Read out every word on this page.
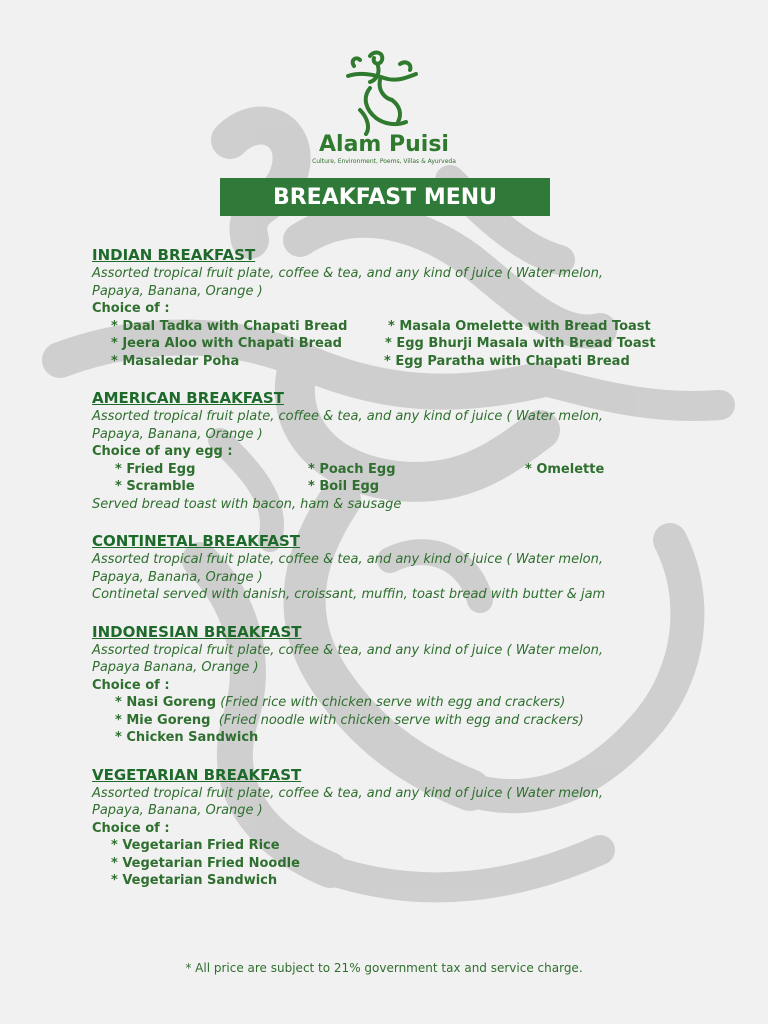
Alam Puisi
Culture, Environment, Poems, Villas & Ayurveda
BREAKFAST MENU
INDIAN BREAKFAST
Assorted tropical fruit plate, coffee & tea, and any kind of juice ( Water melon,
Papaya, Banana, Orange )
Choice of :
* Daal Tadka with Chapati Bread	* Masala Omelette with Bread Toast
* Jeera Aloo with Chapati Bread	* Egg Bhurji Masala with Bread Toast
* Masaledar Poha	* Egg Paratha with Chapati Bread
AMERICAN BREAKFAST
Assorted tropical fruit plate, coffee & tea, and any kind of juice ( Water melon,
Papaya, Banana, Orange )
Choice of any egg :
* Fried Egg	* Poach Egg	* Omelette
* Scramble	* Boil Egg
Served bread toast with bacon, ham & sausage
CONTINETAL BREAKFAST
Assorted tropical fruit plate, coffee & tea, and any kind of juice ( Water melon,
Papaya, Banana, Orange )
Continetal served with danish, croissant, muffin, toast bread with butter & jam
INDONESIAN BREAKFAST
Assorted tropical fruit plate, coffee & tea, and any kind of juice ( Water melon,
Papaya Banana, Orange )
Choice of :
* Nasi Goreng (Fried rice with chicken serve with egg and crackers)
* Mie Goreng  (Fried noodle with chicken serve with egg and crackers)
* Chicken Sandwich
VEGETARIAN BREAKFAST
Assorted tropical fruit plate, coffee & tea, and any kind of juice ( Water melon,
Papaya, Banana, Orange )
Choice of :
* Vegetarian Fried Rice
* Vegetarian Fried Noodle
* Vegetarian Sandwich
* All price are subject to 21% government tax and service charge.
